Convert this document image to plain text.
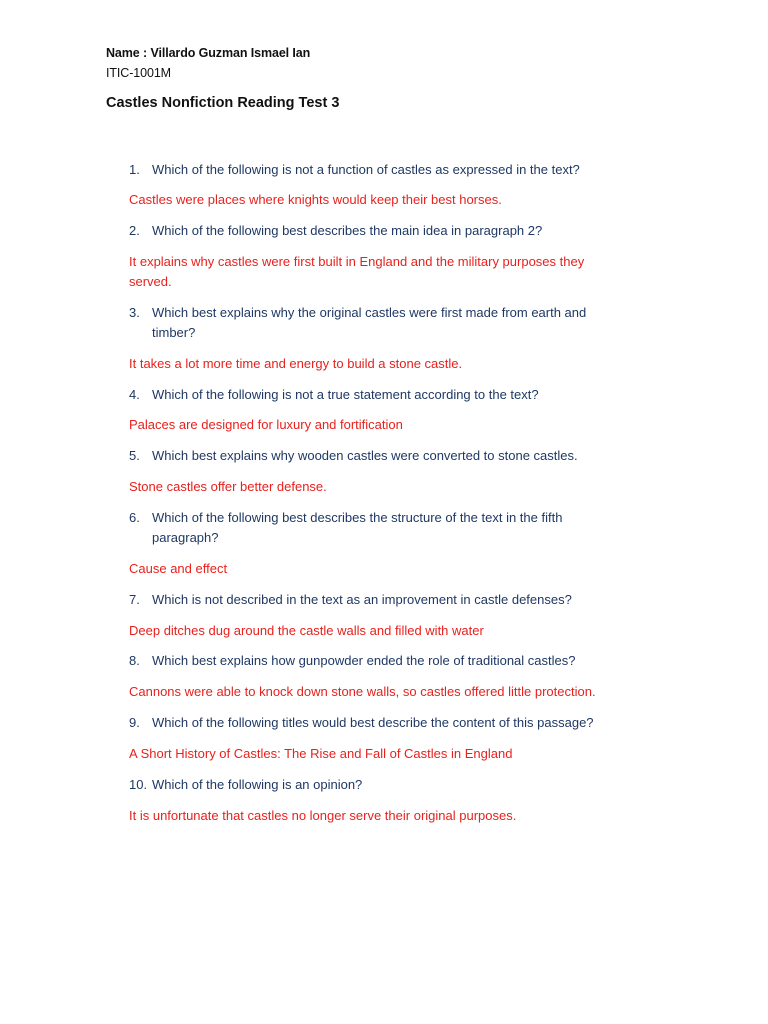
Name : Villardo Guzman Ismael Ian
ITIC-1001M
Castles Nonfiction Reading Test 3
1. Which of the following is not a function of castles as expressed in the text?
Castles were places where knights would keep their best horses.
2. Which of the following best describes the main idea in paragraph 2?
It explains why castles were first built in England and the military purposes they served.
3. Which best explains why the original castles were first made from earth and timber?
It takes a lot more time and energy to build a stone castle.
4. Which of the following is not a true statement according to the text?
Palaces are designed for luxury and fortification
5. Which best explains why wooden castles were converted to stone castles.
Stone castles offer better defense.
6. Which of the following best describes the structure of the text in the fifth paragraph?
Cause and effect
7. Which is not described in the text as an improvement in castle defenses?
Deep ditches dug around the castle walls and filled with water
8. Which best explains how gunpowder ended the role of traditional castles?
Cannons were able to knock down stone walls, so castles offered little protection.
9. Which of the following titles would best describe the content of this passage?
A Short History of Castles: The Rise and Fall of Castles in England
10. Which of the following is an opinion?
It is unfortunate that castles no longer serve their original purposes.
